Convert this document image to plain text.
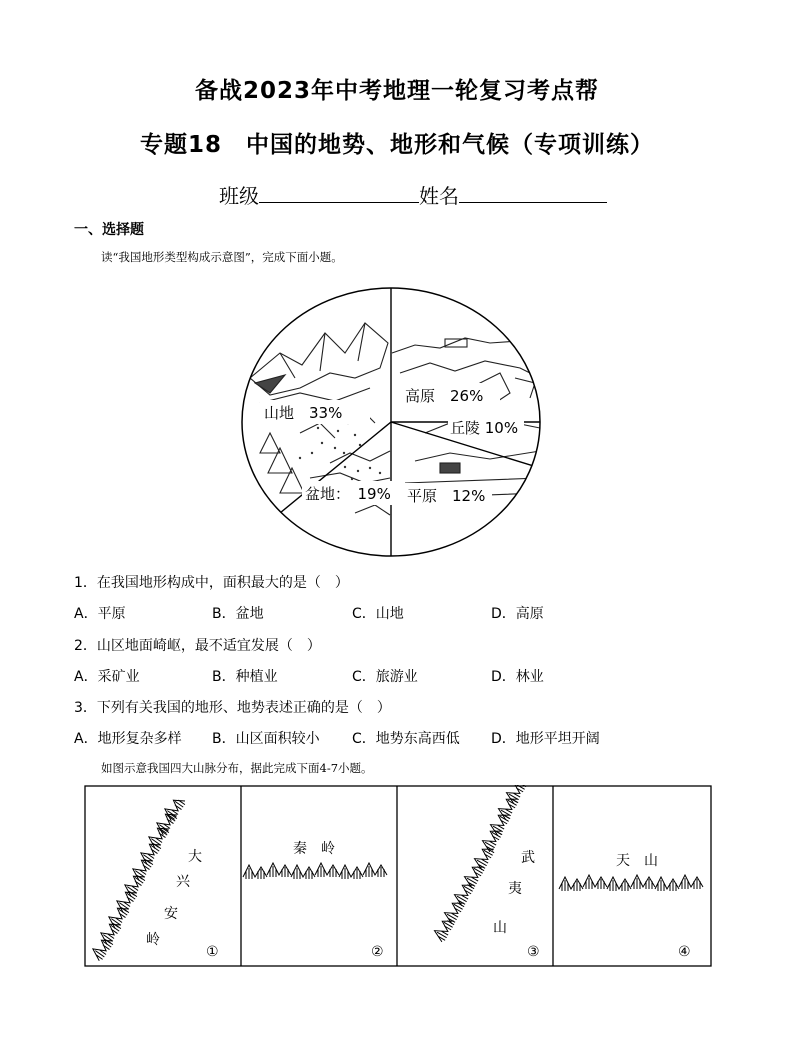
备战2023年中考地理一轮复习考点帮
专题18　中国的地势、地形和气候（专项训练）
班级	姓名
一、选择题
读“我国地形类型构成示意图”，完成下面小题。
山地　33%
高原　26%
丘陵 10%
盆地：　19% 平原　12%
1．在我国地形构成中，面积最大的是（　）
A．平原	B．盆地	C．山地	D．高原
2．山区地面崎岖，最不适宜发展（　）
A．采矿业	B．种植业	C．旅游业	D．林业
3．下列有关我国的地形、地势表述正确的是（　）
A．地形复杂多样 B．山区面积较小 C．地势东高西低 D．地形平坦开阔
如图示意我国四大山脉分布，据此完成下面4-7小题。
大
兴
安
岭
①
秦　岭
②
武
夷
山
③
天　山
④
